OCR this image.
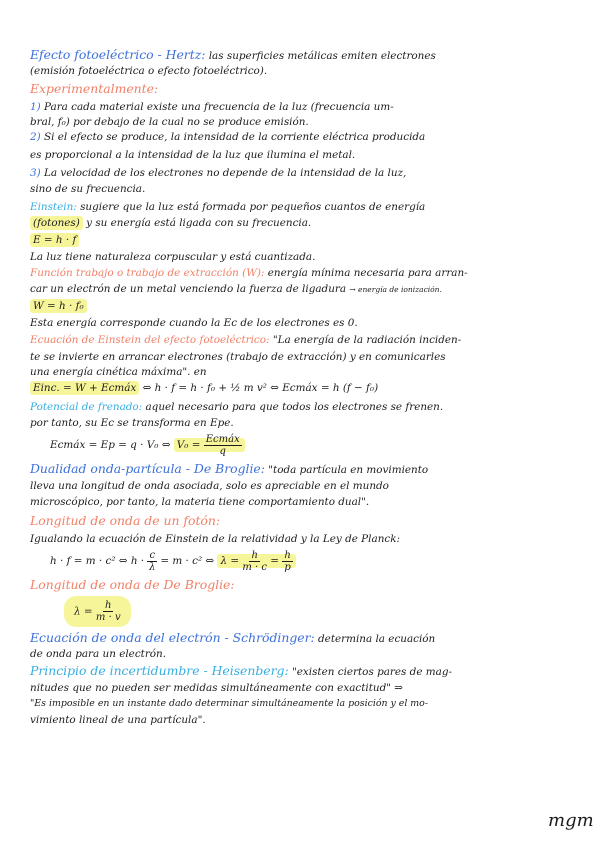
Efecto fotoeléctrico - Hertz: las superficies metálicas emiten electrones
(emisión fotoeléctrica o efecto fotoeléctrico).
Experimentalmente:
1) Para cada material existe una frecuencia de la luz (frecuencia um-
bral, f₀) por debajo de la cual no se produce emisión.
2) Si el efecto se produce, la intensidad de la corriente eléctrica producida
es proporcional a la intensidad de la luz que ilumina el metal.
3) La velocidad de los electrones no depende de la intensidad de la luz,
sino de su frecuencia.
Einstein: sugiere que la luz está formada por pequeños cuantos de energía
(fotones) y su energía está ligada con su frecuencia.
E = h · f
La luz tiene naturaleza corpuscular y está cuantizada.
Función trabajo o trabajo de extracción (W): energía mínima necesaria para arran-
car un electrón de un metal venciendo la fuerza de ligadura → energía de ionización.
W = h · f₀
Esta energía corresponde cuando la Ec de los electrones es 0.
Ecuación de Einstein del efecto fotoeléctrico: "La energía de la radiación inciden-
te se invierte en arrancar electrones (trabajo de extracción) y en comunicarles
una energía cinética máxima". en
Einc. = W + Ecmáx ⇔ h · f = h · f₀ + ½ m v² ⇔ Ecmáx = h (f − f₀)
Potencial de frenado: aquel necesario para que todos los electrones se frenen.
por tanto, su Ec se transforma en Epe.
Ecmáx = Ep = q · V₀ ⇔ $V_0 = \frac{\text{Ecmáx}}{q}$
Dualidad onda-partícula - De Broglie: "toda partícula en movimiento
lleva una longitud de onda asociada, solo es apreciable en el mundo
microscópico, por tanto, la materia tiene comportamiento dual".
Longitud de onda de un fotón:
Igualando la ecuación de Einstein de la relatividad y la Ley de Planck:
h · f = m · c² ⇔ $h \cdot \frac{c}{\lambda} = m \cdot c^2$ ⇔ $\lambda = \frac{h}{m \cdot c} = \frac{h}{p}$
Longitud de onda de De Broglie:
$\lambda = \frac{h}{m \cdot v}$
Ecuación de onda del electrón - Schrödinger: determina la ecuación
de onda para un electrón.
Principio de incertidumbre - Heisenberg: "existen ciertos pares de mag-
nitudes que no pueden ser medidas simultáneamente con exactitud" ⇒
"Es imposible en un instante dado determinar simultáneamente la posición y el mo-
vimiento lineal de una partícula".
mgm
